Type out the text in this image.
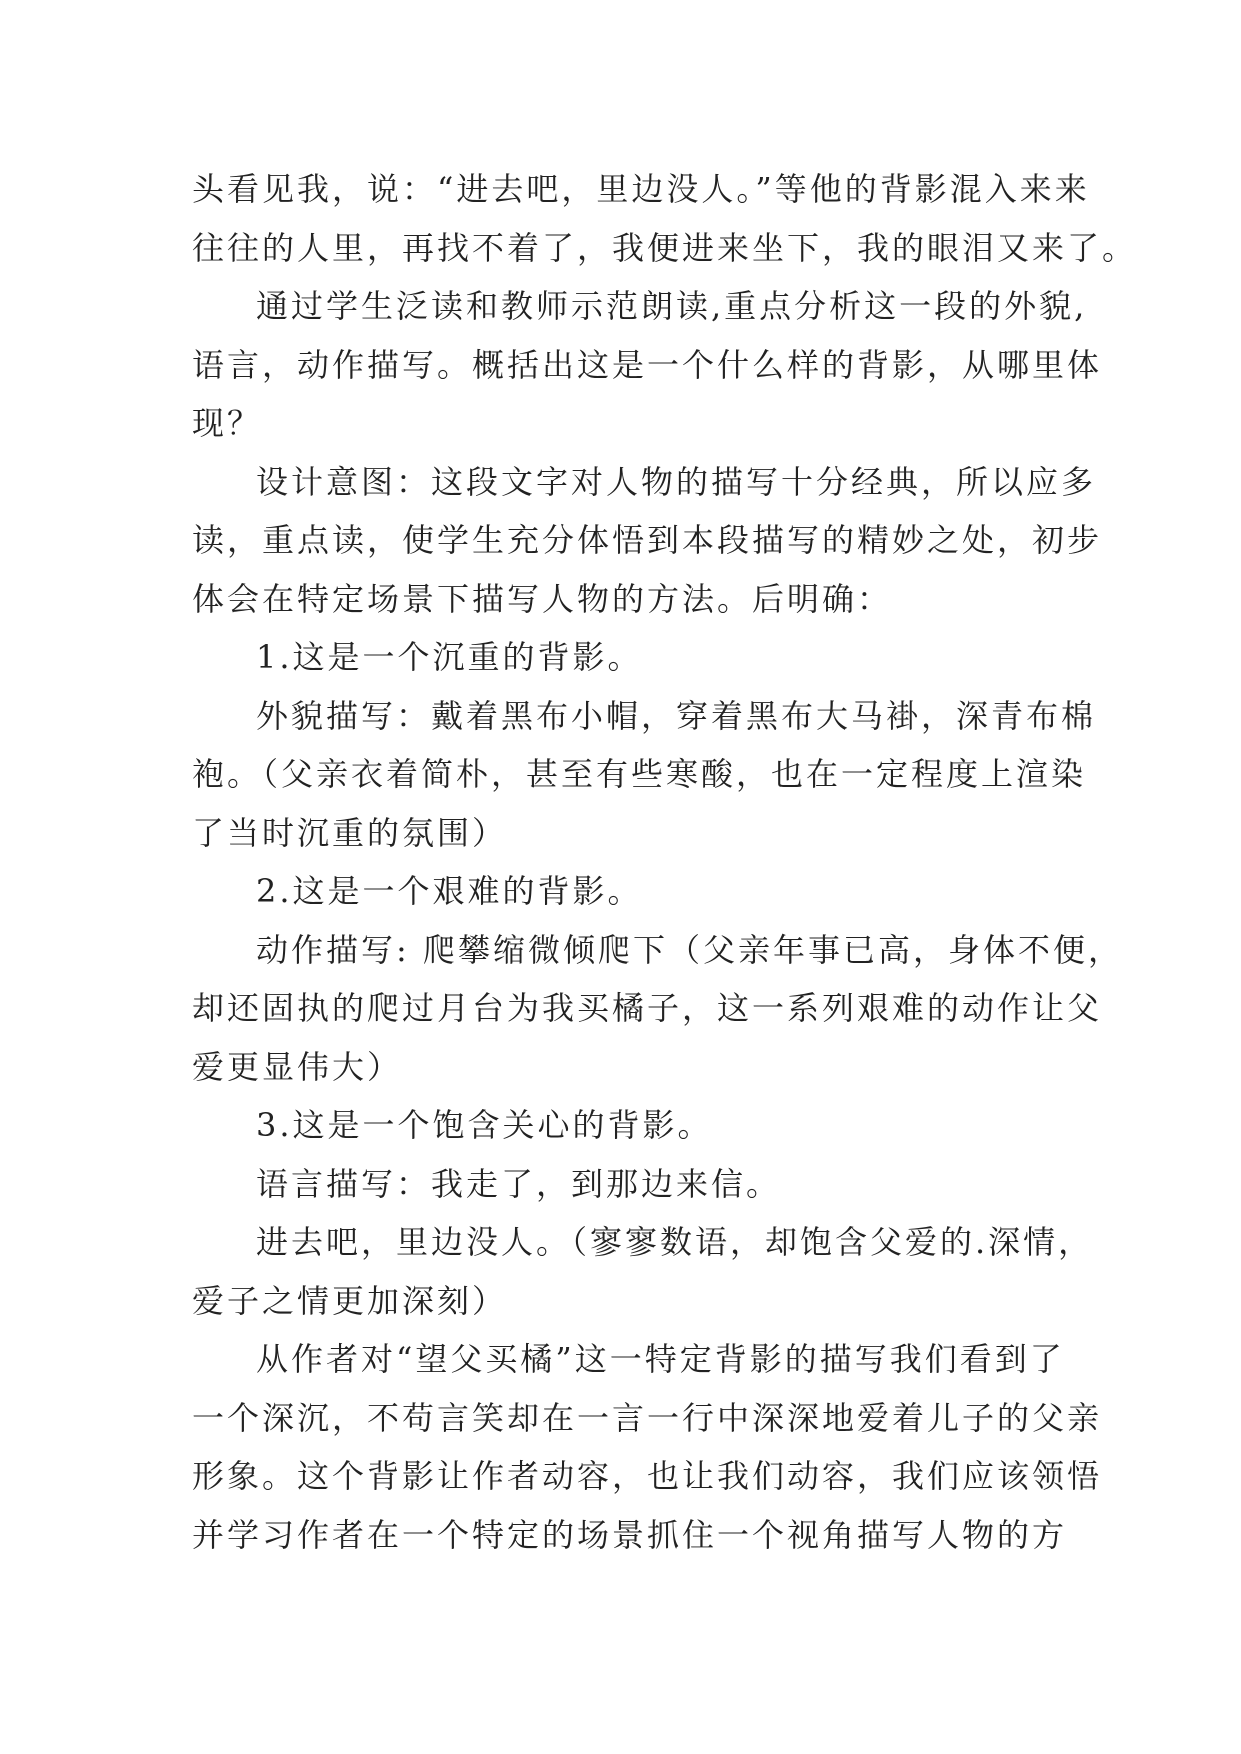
头看见我，说：“进去吧，里边没人。”等他的背影混入来来
往往的人里，再找不着了，我便进来坐下，我的眼泪又来了。
通过学生泛读和教师示范朗读,重点分析这一段的外貌,
语言，动作描写。概括出这是一个什么样的背影，从哪里体
现？
设计意图：这段文字对人物的描写十分经典，所以应多
读，重点读，使学生充分体悟到本段描写的精妙之处，初步
体会在特定场景下描写人物的方法。后明确：
1.这是一个沉重的背影。
外貌描写：戴着黑布小帽，穿着黑布大马褂，深青布棉
袍。（父亲衣着简朴，甚至有些寒酸，也在一定程度上渲染
了当时沉重的氛围）
2.这是一个艰难的背影。
动作描写: 爬攀缩微倾爬下（父亲年事已高，身体不便，
却还固执的爬过月台为我买橘子，这一系列艰难的动作让父
爱更显伟大）
3.这是一个饱含关心的背影。
语言描写：我走了，到那边来信。
进去吧，里边没人。（寥寥数语，却饱含父爱的.深情，
爱子之情更加深刻）
从作者对“望父买橘”这一特定背影的描写我们看到了
一个深沉，不苟言笑却在一言一行中深深地爱着儿子的父亲
形象。这个背影让作者动容，也让我们动容，我们应该领悟
并学习作者在一个特定的场景抓住一个视角描写人物的方
